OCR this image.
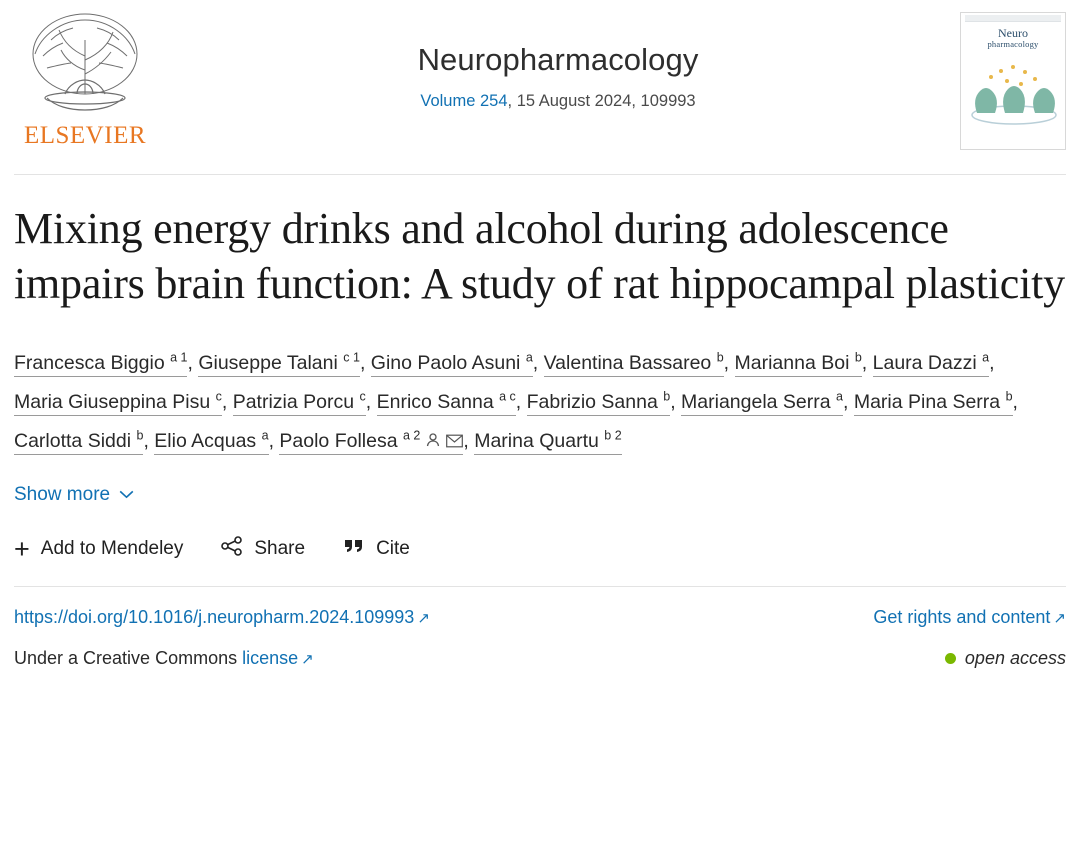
ELSEVIER
Neuropharmacology
Volume 254, 15 August 2024, 109993
Neuro
pharmacology
Mixing energy drinks and alcohol during adolescence impairs brain function: A study of rat hippocampal plasticity
Francesca Biggio $^{a 1}$, Giuseppe Talani $^{c 1}$, Gino Paolo Asuni $^a$, Valentina Bassareo $^b$, Marianna Boi $^b$, Laura Dazzi $^a$, Maria Giuseppina Pisu $^c$, Patrizia Porcu $^c$, Enrico Sanna $^{a c}$, Fabrizio Sanna $^b$, Mariangela Serra $^a$, Maria Pina Serra $^b$, Carlotta Siddi $^b$, Elio Acquas $^a$, Paolo Follesa $^{a 2}$ , Marina Quartu $^{b 2}$
Show more
+ Add to Mendeley	Share	Cite
https://doi.org/10.1016/j.neuropharm.2024.109993 ↗	Get rights and content ↗
Under a Creative Commons license ↗	open access
